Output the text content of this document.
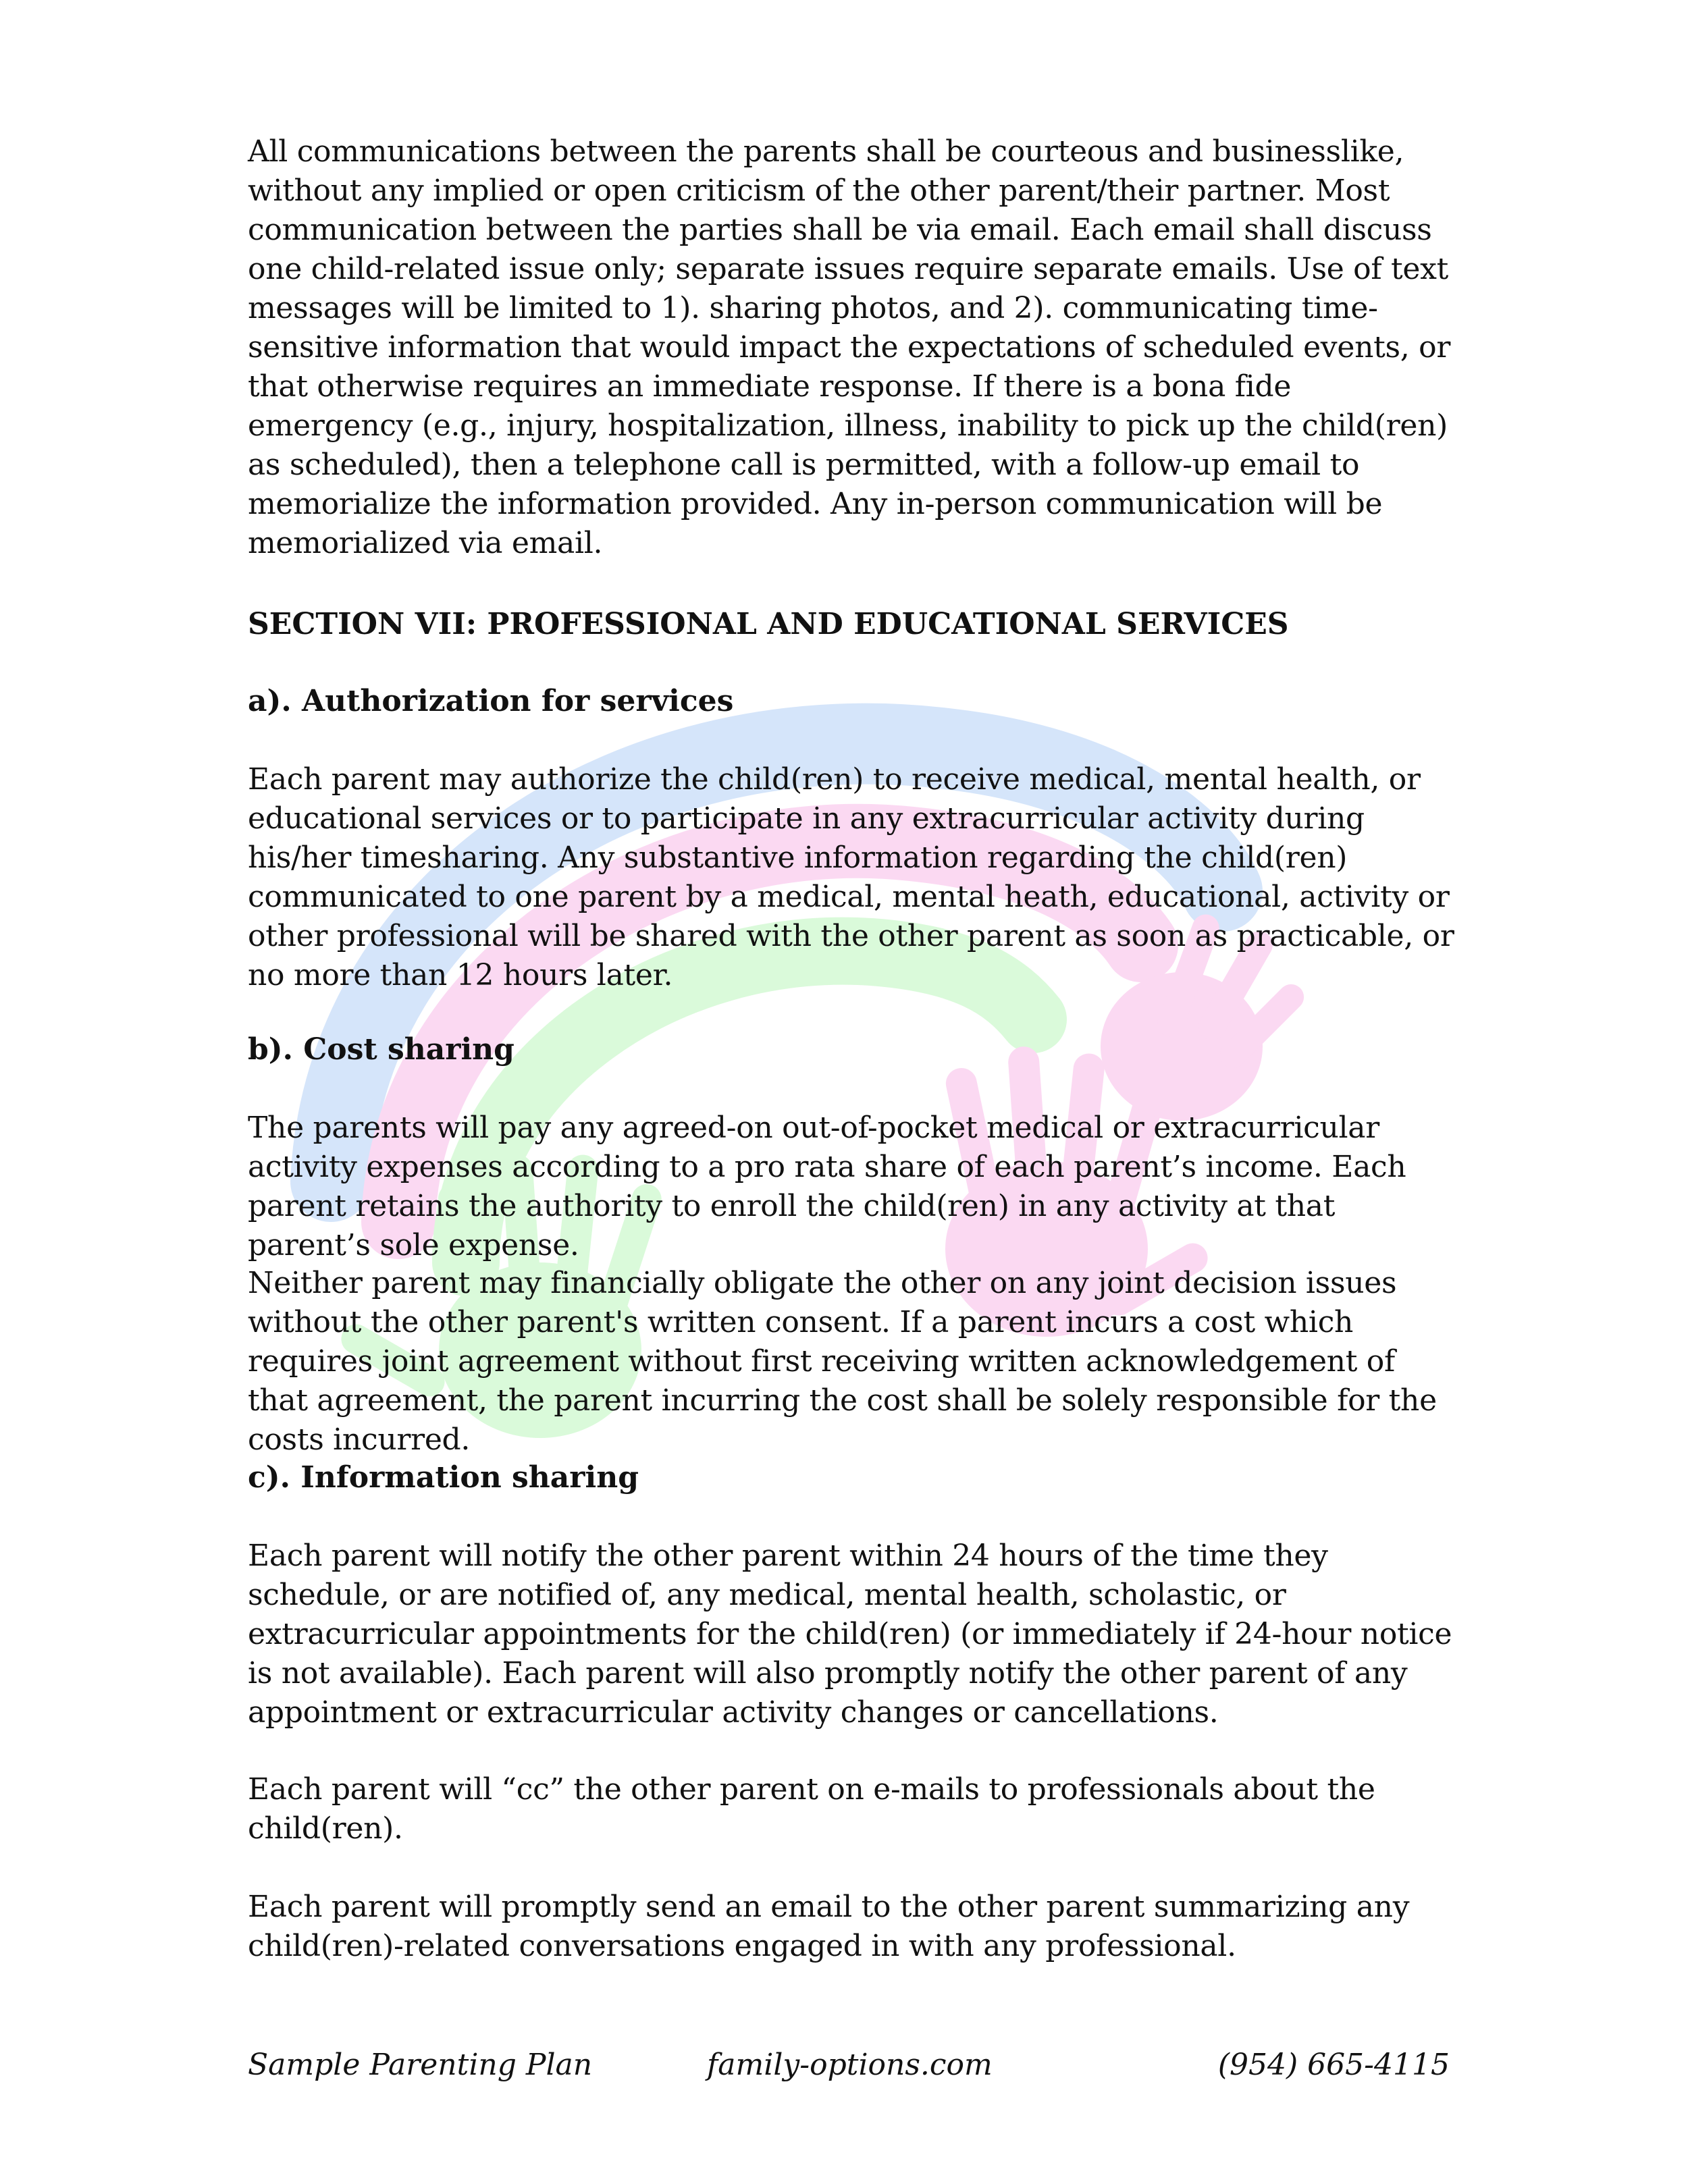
All communications between the parents shall be courteous and businesslike, without any implied or open criticism of the other parent/their partner. Most communication between the parties shall be via email. Each email shall discuss one child-related issue only; separate issues require separate emails. Use of text messages will be limited to 1). sharing photos, and 2). communicating time-sensitive information that would impact the expectations of scheduled events, or that otherwise requires an immediate response. If there is a bona fide emergency (e.g., injury, hospitalization, illness, inability to pick up the child(ren) as scheduled), then a telephone call is permitted, with a follow-up email to memorialize the information provided. Any in-person communication will be memorialized via email.

SECTION VII: PROFESSIONAL AND EDUCATIONAL SERVICES
a). Authorization for services

Each parent may authorize the child(ren) to receive medical, mental health, or educational services or to participate in any extracurricular activity during his/her timesharing. Any substantive information regarding the child(ren) communicated to one parent by a medical, mental heath, educational, activity or other professional will be shared with the other parent as soon as practicable, or no more than 12 hours later.

b). Cost sharing

The parents will pay any agreed-on out-of-pocket medical or extracurricular activity expenses according to a pro rata share of each parent’s income. Each parent retains the authority to enroll the child(ren) in any activity at that parent’s sole expense.

Neither parent may financially obligate the other on any joint decision issues without the other parent's written consent. If a parent incurs a cost which requires joint agreement without first receiving written acknowledgement of that agreement, the parent incurring the cost shall be solely responsible for the costs incurred.

c). Information sharing

Each parent will notify the other parent within 24 hours of the time they schedule, or are notified of, any medical, mental health, scholastic, or extracurricular appointments for the child(ren) (or immediately if 24-hour notice is not available). Each parent will also promptly notify the other parent of any appointment or extracurricular activity changes or cancellations.

Each parent will “cc” the other parent on e-mails to professionals about the child(ren).

Each parent will promptly send an email to the other parent summarizing any child(ren)-related conversations engaged in with any professional.

Sample Parenting Plan	family-options.com	(954) 665-4115
